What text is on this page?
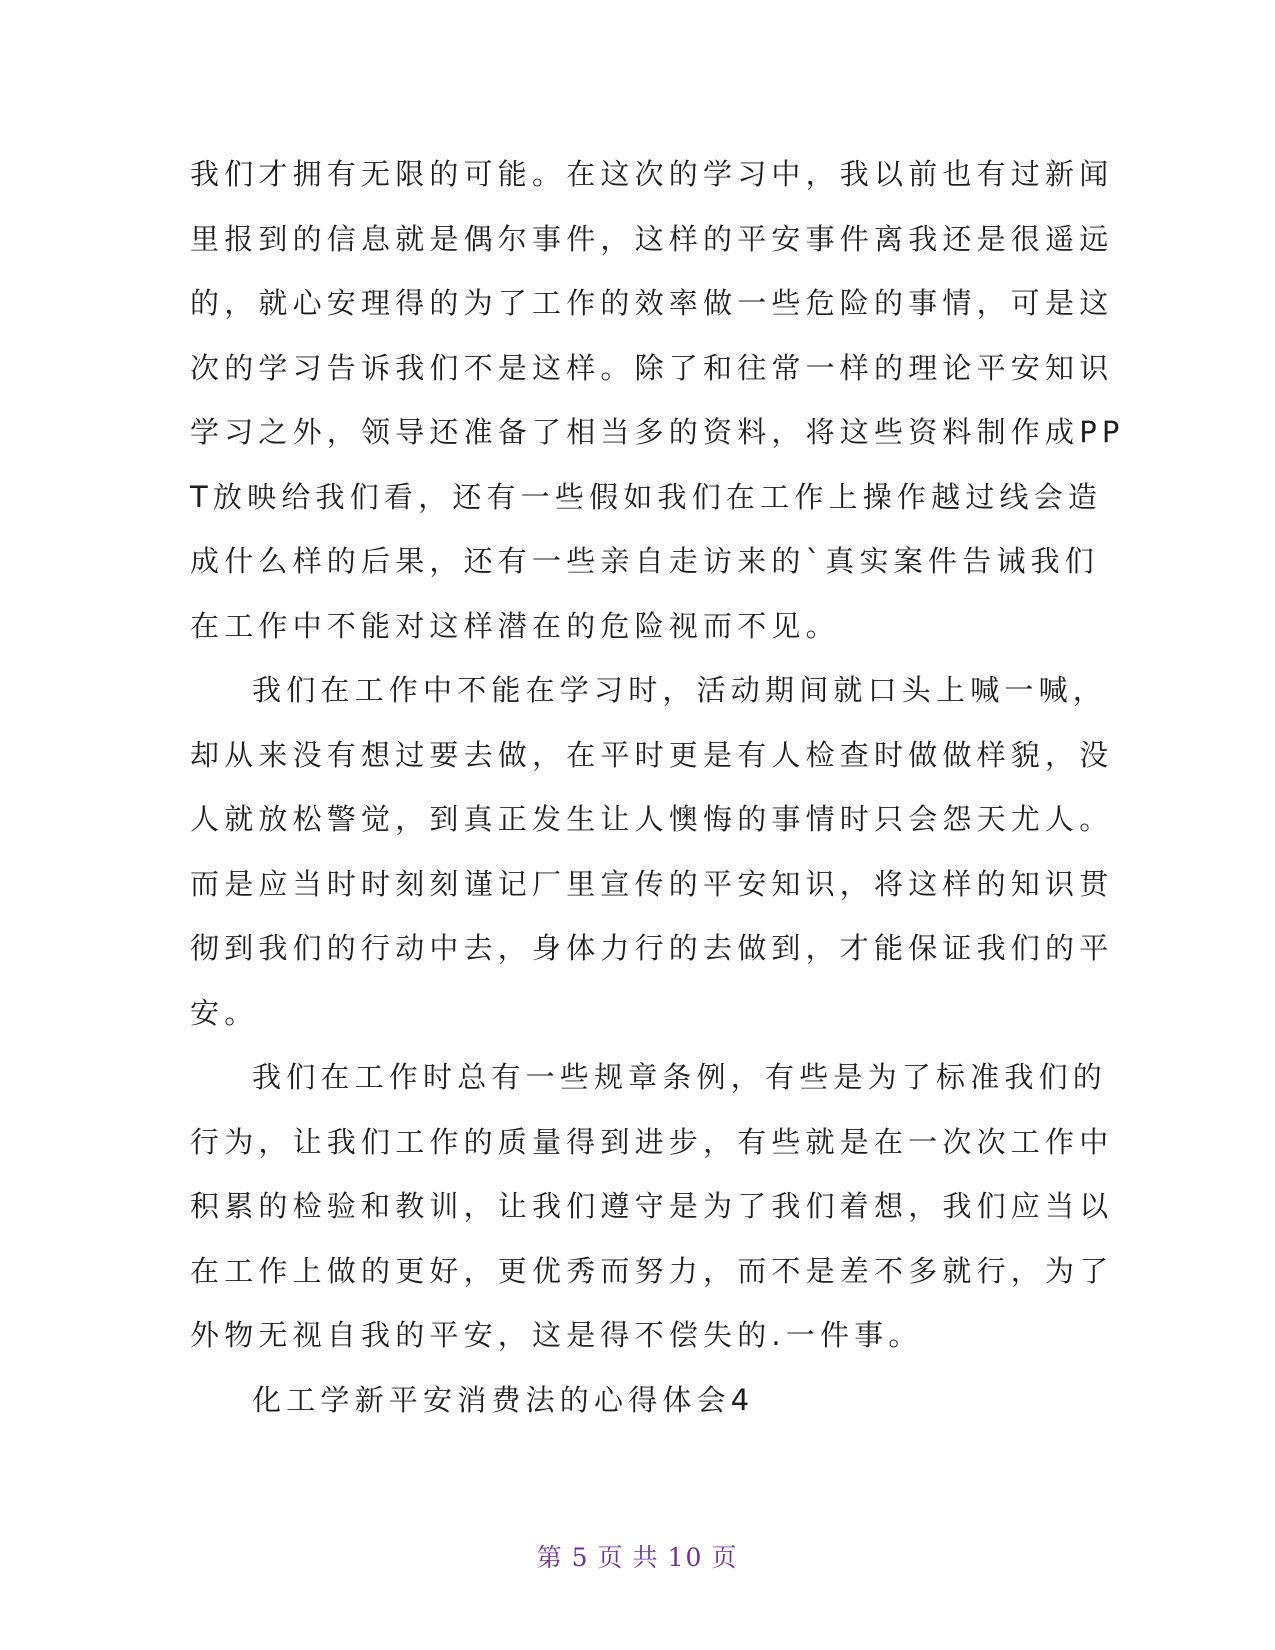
我们才拥有无限的可能。在这次的学习中，我以前也有过新闻
里报到的信息就是偶尔事件，这样的平安事件离我还是很遥远
的，就心安理得的为了工作的效率做一些危险的事情，可是这
次的学习告诉我们不是这样。除了和往常一样的理论平安知识
学习之外，领导还准备了相当多的资料，将这些资料制作成PP
T放映给我们看，还有一些假如我们在工作上操作越过线会造
成什么样的后果，还有一些亲自走访来的`真实案件告诫我们
在工作中不能对这样潜在的危险视而不见。
我们在工作中不能在学习时，活动期间就口头上喊一喊，
却从来没有想过要去做，在平时更是有人检查时做做样貌，没
人就放松警觉，到真正发生让人懊悔的事情时只会怨天尤人。
而是应当时时刻刻谨记厂里宣传的平安知识，将这样的知识贯
彻到我们的行动中去，身体力行的去做到，才能保证我们的平
安。
我们在工作时总有一些规章条例，有些是为了标准我们的
行为，让我们工作的质量得到进步，有些就是在一次次工作中
积累的检验和教训，让我们遵守是为了我们着想，我们应当以
在工作上做的更好，更优秀而努力，而不是差不多就行，为了
外物无视自我的平安，这是得不偿失的.一件事。
化工学新平安消费法的心得体会4
第 5 页 共 10 页
